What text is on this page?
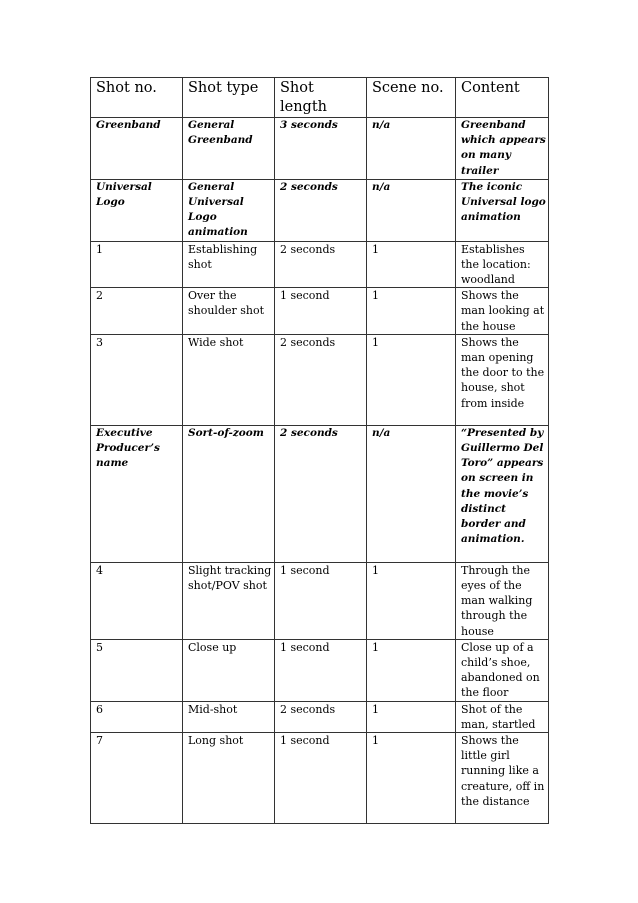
Shot no.	Shot type	Shot length	Scene no.	Content
Greenband	General Greenband	3 seconds	n/a	Greenband which appears on many trailer
Universal Logo	General Universal Logo animation	2 seconds	n/a	The iconic Universal logo animation
1	Establishing shot	2 seconds	1	Establishes the location: woodland
2	Over the shoulder shot	1 second	1	Shows the man looking at the house
3	Wide shot	2 seconds	1	Shows the man opening the door to the house, shot from inside
Executive Producer’s name	Sort-of-zoom	2 seconds	n/a	“Presented by Guillermo Del Toro” appears on screen in the movie’s distinct border and animation.
4	Slight tracking shot/POV shot	1 second	1	Through the eyes of the man walking through the house
5	Close up	1 second	1	Close up of a child’s shoe, abandoned on the floor
6	Mid-shot	2 seconds	1	Shot of the man, startled
7	Long shot	1 second	1	Shows the little girl running like a creature, off in the distance
